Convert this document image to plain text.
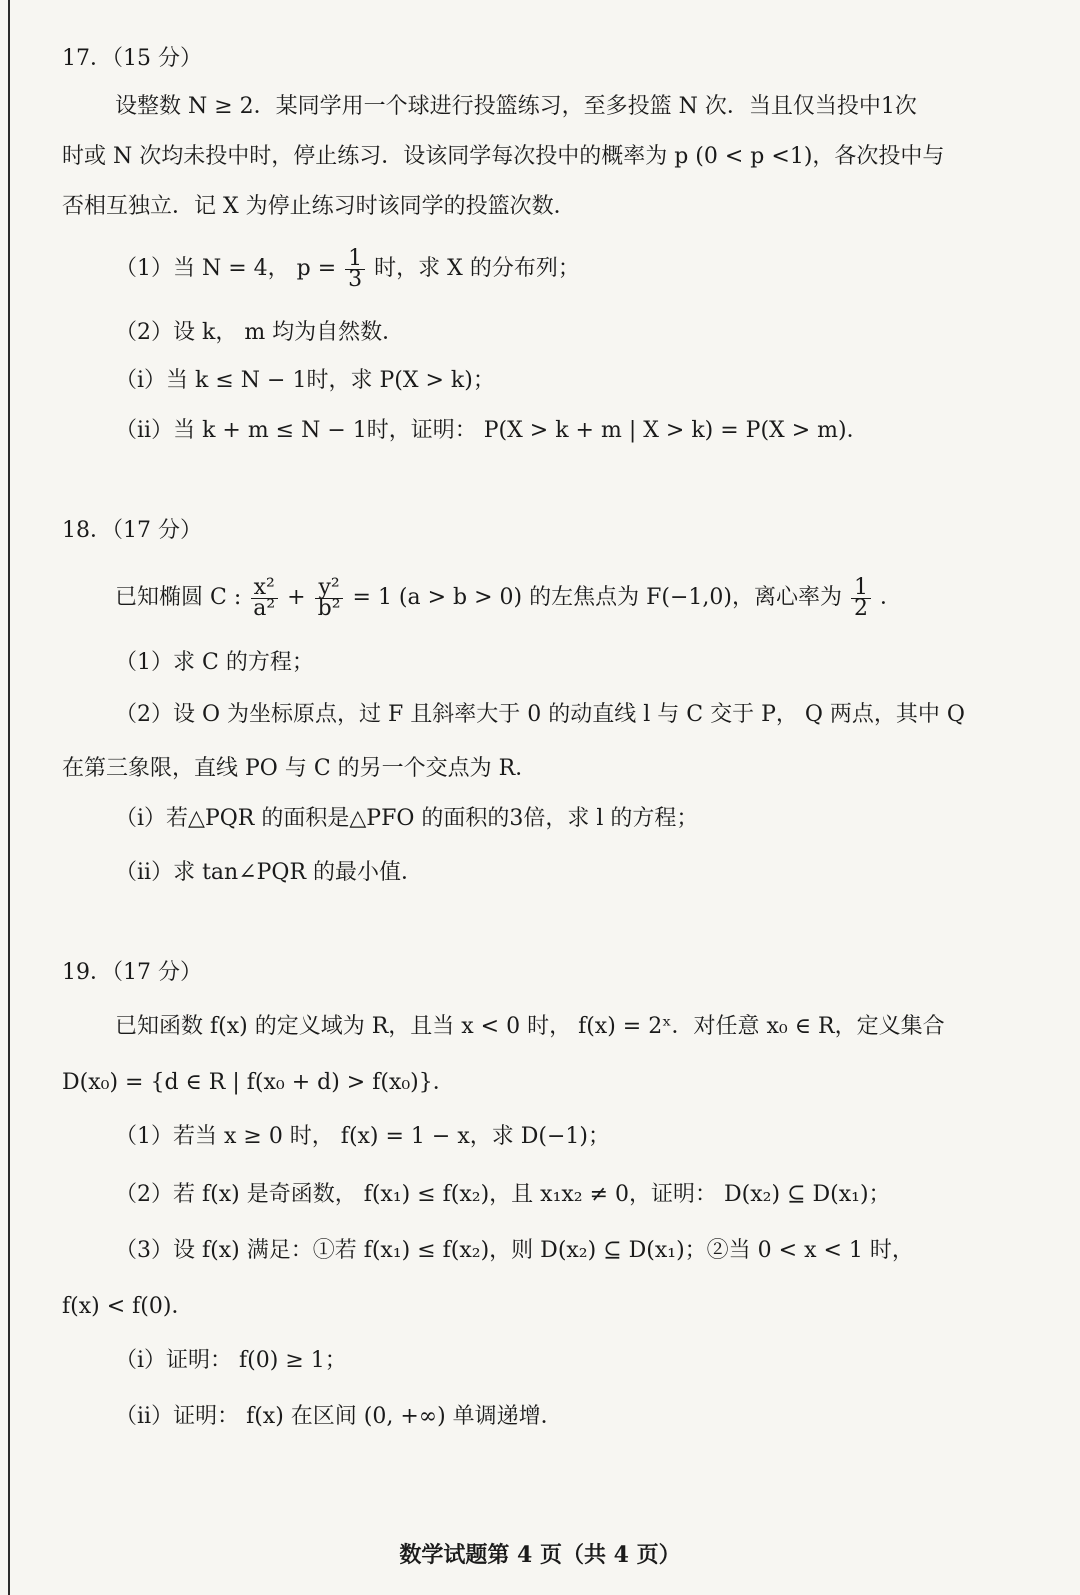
17．（15 分）
设整数 N ≥ 2．某同学用一个球进行投篮练习，至多投篮 N 次．当且仅当投中1次
时或 N 次均未投中时，停止练习．设该同学每次投中的概率为 p (0 < p <1)，各次投中与
否相互独立．记 X 为停止练习时该同学的投篮次数．
（1）当 N = 4， $p = \frac{1}{3}$ 时，求 X 的分布列；
（2）设 k， m 均为自然数．
（ⅰ）当 k ≤ N − 1时，求 P(X > k)；
（ⅱ）当 k + m ≤ N − 1时，证明： P(X > k + m | X > k) = P(X > m)．
18．（17 分）
已知椭圆 C : $\frac{\text{x²}}{\text{a²}} + \frac{\text{y²}}{\text{b²}} = 1$ (a > b > 0) 的左焦点为 F(−1,0)，离心率为 $\frac{1}{2}$ ．
（1）求 C 的方程；
（2）设 O 为坐标原点，过 F 且斜率大于 0 的动直线 l 与 C 交于 P， Q 两点，其中 Q
在第三象限，直线 PO 与 C 的另一个交点为 R．
（ⅰ）若△PQR 的面积是△PFO 的面积的3倍，求 l 的方程；
（ⅱ）求 tan∠PQR 的最小值．
19．（17 分）
已知函数 f(x) 的定义域为 R，且当 x < 0 时， f(x) = 2ˣ．对任意 x₀ ∈ R，定义集合
D(x₀) = {d ∈ R | f(x₀ + d) > f(x₀)}．
（1）若当 x ≥ 0 时， f(x) = 1 − x，求 D(−1)；
（2）若 f(x) 是奇函数， f(x₁) ≤ f(x₂)，且 x₁x₂ ≠ 0，证明： D(x₂) ⊆ D(x₁)；
（3）设 f(x) 满足：①若 f(x₁) ≤ f(x₂)，则 D(x₂) ⊆ D(x₁)；②当 0 < x < 1 时，
f(x) < f(0)．
（ⅰ）证明： f(0) ≥ 1；
（ⅱ）证明： f(x) 在区间 (0, +∞) 单调递增．
数学试题第 4 页（共 4 页）
